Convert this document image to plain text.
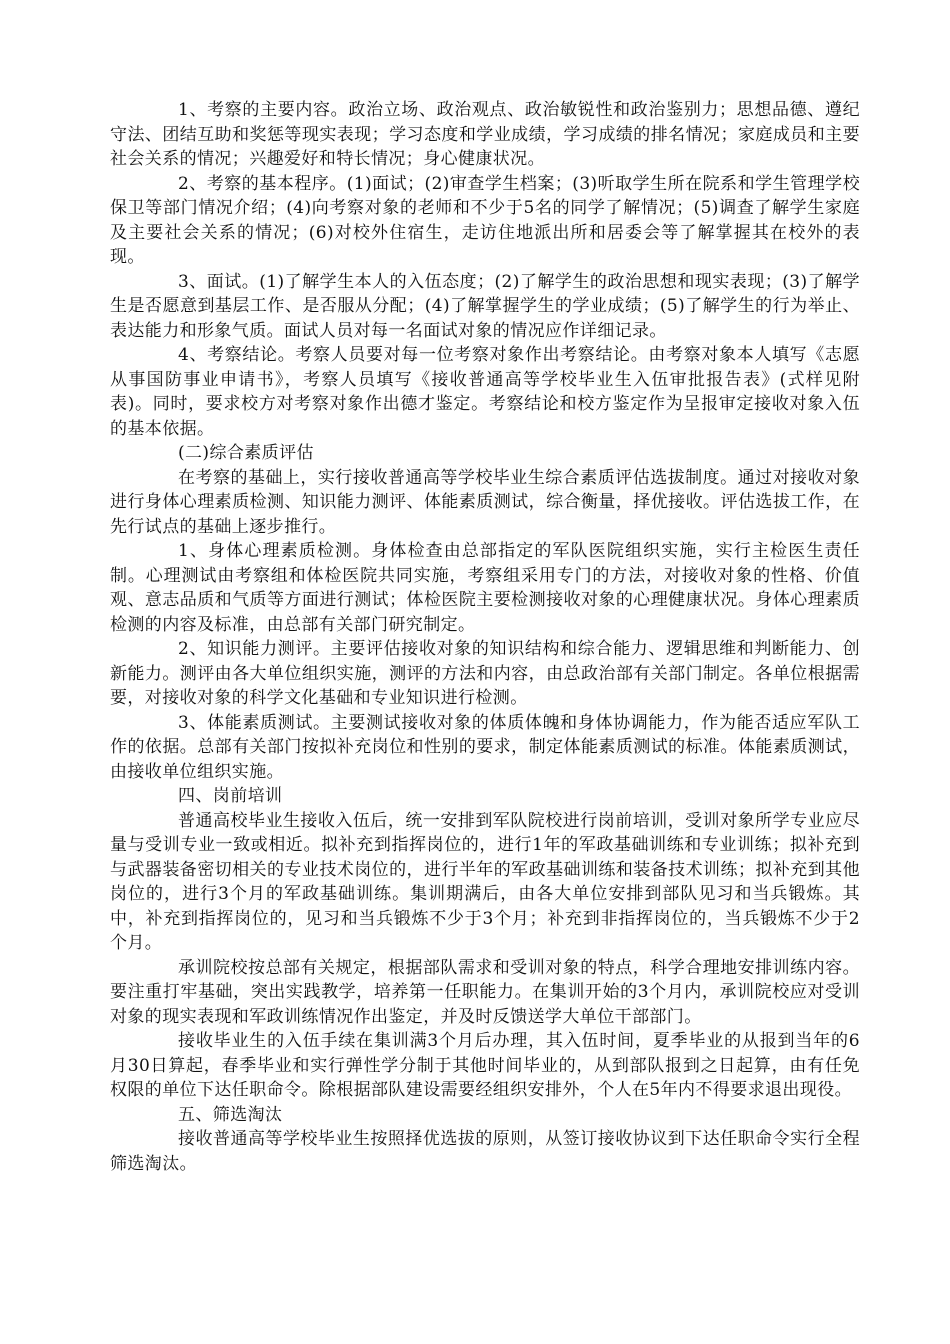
1、考察的主要内容。政治立场、政治观点、政治敏锐性和政治鉴别力；思想品德、遵纪守法、团结互助和奖惩等现实表现；学习态度和学业成绩，学习成绩的排名情况；家庭成员和主要社会关系的情况；兴趣爱好和特长情况；身心健康状况。

2、考察的基本程序。(1)面试；(2)审查学生档案；(3)听取学生所在院系和学生管理学校保卫等部门情况介绍；(4)向考察对象的老师和不少于5名的同学了解情况；(5)调查了解学生家庭及主要社会关系的情况；(6)对校外住宿生，走访住地派出所和居委会等了解掌握其在校外的表现。

3、面试。(1)了解学生本人的入伍态度；(2)了解学生的政治思想和现实表现；(3)了解学生是否愿意到基层工作、是否服从分配；(4)了解掌握学生的学业成绩；(5)了解学生的行为举止、表达能力和形象气质。面试人员对每一名面试对象的情况应作详细记录。

4、考察结论。考察人员要对每一位考察对象作出考察结论。由考察对象本人填写《志愿从事国防事业申请书》，考察人员填写《接收普通高等学校毕业生入伍审批报告表》(式样见附表)。同时，要求校方对考察对象作出德才鉴定。考察结论和校方鉴定作为呈报审定接收对象入伍的基本依据。

(二)综合素质评估

在考察的基础上，实行接收普通高等学校毕业生综合素质评估选拔制度。通过对接收对象进行身体心理素质检测、知识能力测评、体能素质测试，综合衡量，择优接收。评估选拔工作，在先行试点的基础上逐步推行。

1、身体心理素质检测。身体检查由总部指定的军队医院组织实施，实行主检医生责任制。心理测试由考察组和体检医院共同实施，考察组采用专门的方法，对接收对象的性格、价值观、意志品质和气质等方面进行测试；体检医院主要检测接收对象的心理健康状况。身体心理素质检测的内容及标准，由总部有关部门研究制定。

2、知识能力测评。主要评估接收对象的知识结构和综合能力、逻辑思维和判断能力、创新能力。测评由各大单位组织实施，测评的方法和内容，由总政治部有关部门制定。各单位根据需要，对接收对象的科学文化基础和专业知识进行检测。

3、体能素质测试。主要测试接收对象的体质体魄和身体协调能力，作为能否适应军队工作的依据。总部有关部门按拟补充岗位和性别的要求，制定体能素质测试的标准。体能素质测试，由接收单位组织实施。

四、岗前培训

普通高校毕业生接收入伍后，统一安排到军队院校进行岗前培训，受训对象所学专业应尽量与受训专业一致或相近。拟补充到指挥岗位的，进行1年的军政基础训练和专业训练；拟补充到与武器装备密切相关的专业技术岗位的，进行半年的军政基础训练和装备技术训练；拟补充到其他岗位的，进行3个月的军政基础训练。集训期满后，由各大单位安排到部队见习和当兵锻炼。其中，补充到指挥岗位的，见习和当兵锻炼不少于3个月；补充到非指挥岗位的，当兵锻炼不少于2个月。

承训院校按总部有关规定，根据部队需求和受训对象的特点，科学合理地安排训练内容。要注重打牢基础，突出实践教学，培养第一任职能力。在集训开始的3个月内，承训院校应对受训对象的现实表现和军政训练情况作出鉴定，并及时反馈送学大单位干部部门。

接收毕业生的入伍手续在集训满3个月后办理，其入伍时间，夏季毕业的从报到当年的6月30日算起，春季毕业和实行弹性学分制于其他时间毕业的，从到部队报到之日起算，由有任免权限的单位下达任职命令。除根据部队建设需要经组织安排外，个人在5年内不得要求退出现役。

五、筛选淘汰

接收普通高等学校毕业生按照择优选拔的原则，从签订接收协议到下达任职命令实行全程筛选淘汰。
